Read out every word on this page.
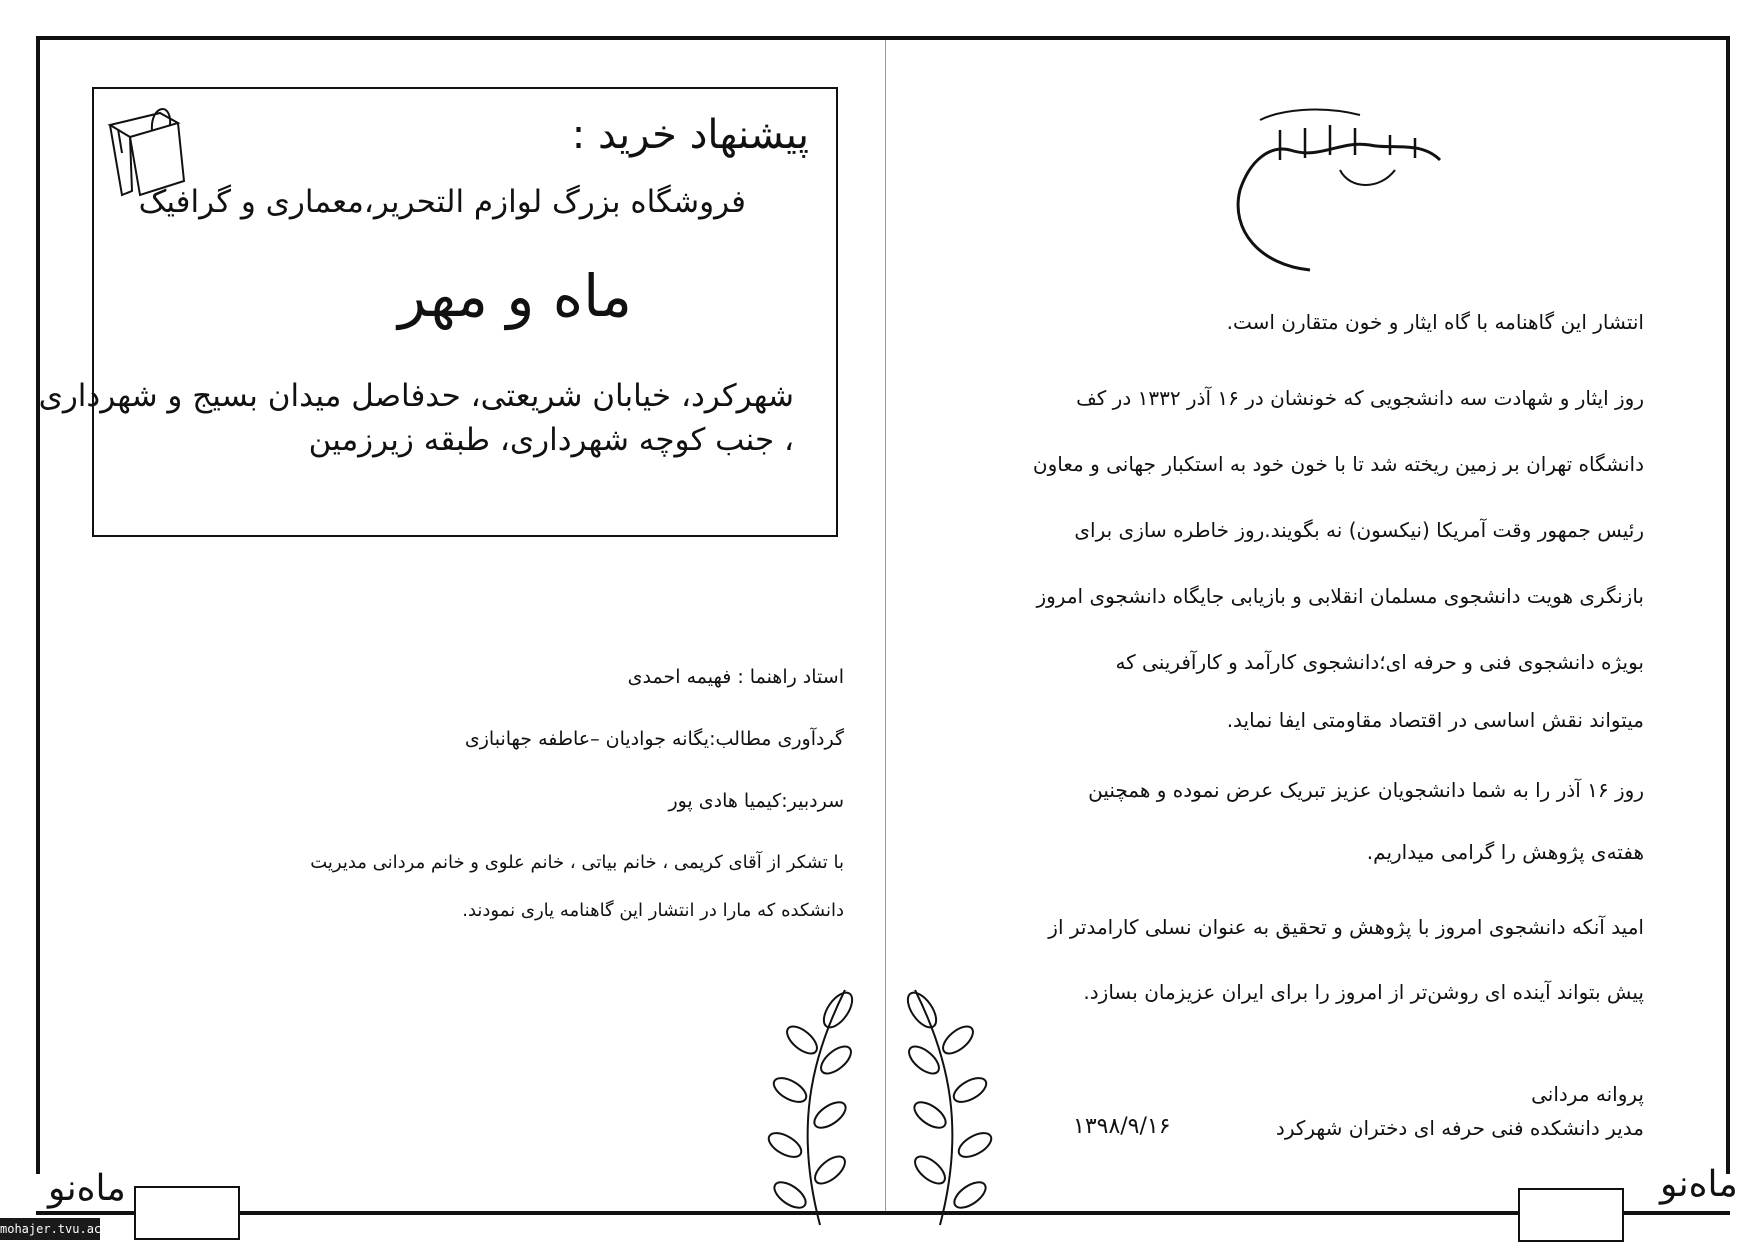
پیشنهاد خرید :
فروشگاه بزرگ لوازم التحریر،معماری و گرافیک
ماه و مهر
شهرکرد، خیابان شریعتی، حدفاصل میدان بسیج و شهرداری
، جنب کوچه شهرداری، طبقه زیرزمین
استاد راهنما : فهیمه احمدی
گردآوری مطالب:یگانه جوادیان –عاطفه جهانبازی
سردبیر:کیمیا هادی پور
با تشکر از آقای کریمی ، خانم بیاتی ، خانم علوی و خانم مردانی مدیریت
دانشکده که مارا در انتشار این گاهنامه یاری نمودند.
انتشار این گاهنامه با گاه ایثار و خون متقارن است.
روز ایثار و شهادت سه دانشجویی که خونشان در ۱۶ آذر ۱۳۳۲ در کف
دانشگاه تهران بر زمین ریخته شد تا با خون خود به استکبار جهانی و معاون
رئیس جمهور وقت آمریکا (نیکسون) نه بگویند.روز خاطره سازی برای
بازنگری هویت دانشجوی مسلمان انقلابی و بازیابی جایگاه دانشجوی امروز
بویژه دانشجوی فنی و حرفه ای؛دانشجوی کارآمد و کارآفرینی که
میتواند نقش اساسی در اقتصاد مقاومتی ایفا نماید.
روز ۱۶ آذر را به شما دانشجویان عزیز تبریک عرض نموده و همچنین
هفته‌ی پژوهش را گرامی میداریم.
امید آنکه دانشجوی امروز با پژوهش و تحقیق به عنوان نسلی کارامدتر از
پیش بتواند آینده ای روشن‌تر از امروز را برای ایران عزیزمان بسازد.
پروانه مردانی
مدیر دانشکده فنی حرفه ای دختران شهرکرد
۱۳۹۸/۹/۱۶
ماه‌نو	ماه‌نو
mohajer.tvu.ac.ir
